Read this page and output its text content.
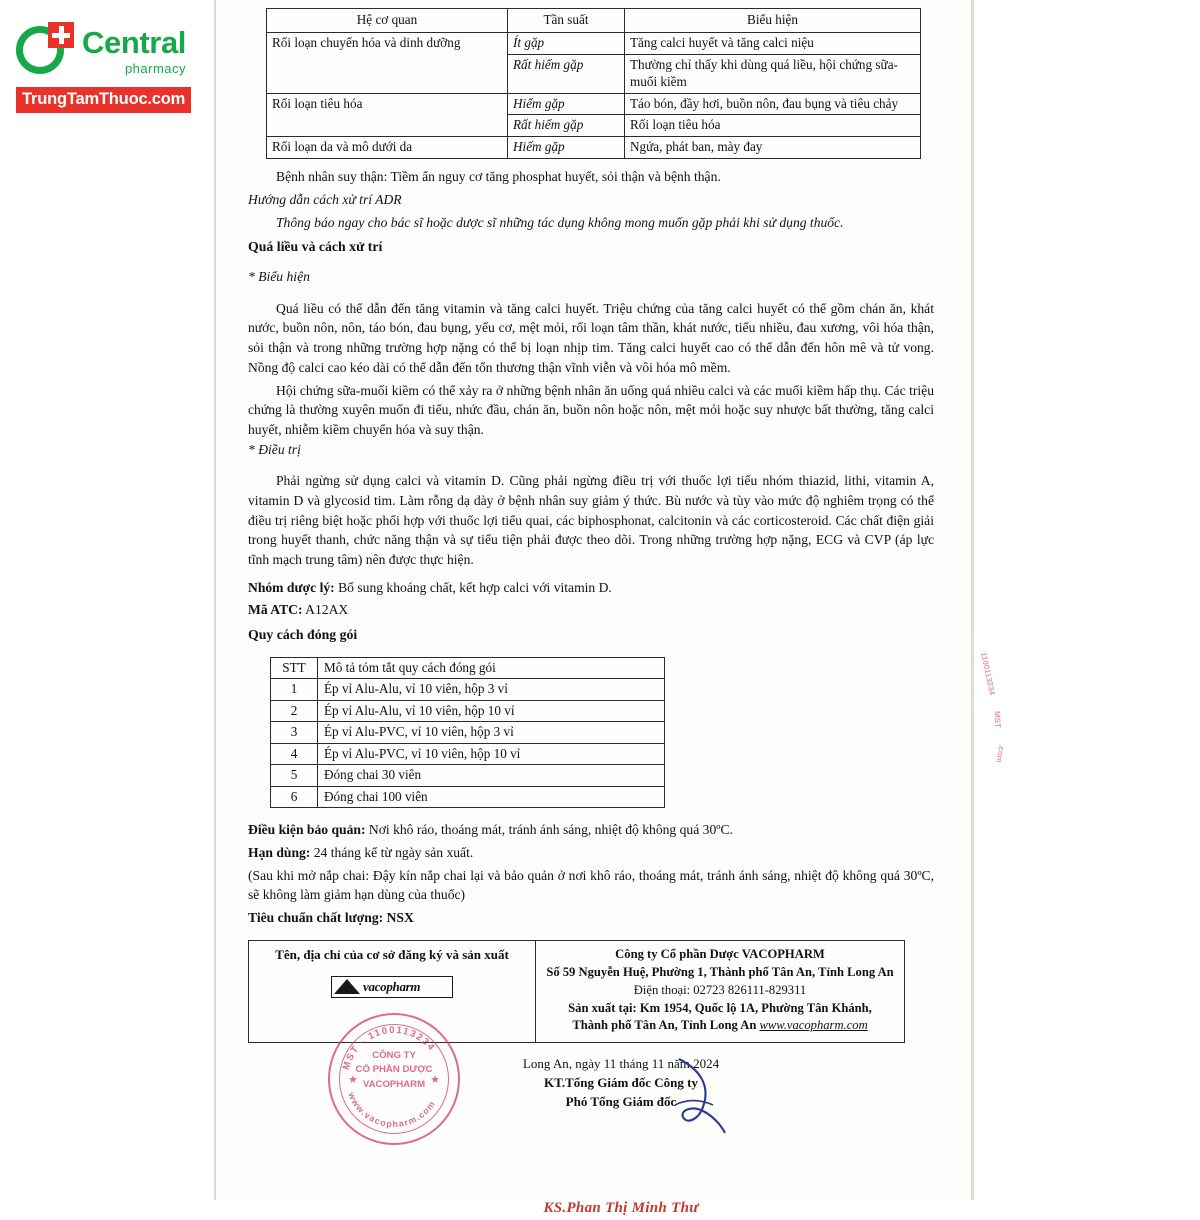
Central
pharmacy
TrungTamThuoc.com
Hệ cơ quan	Tần suất	Biểu hiện
Rối loạn chuyển hóa và dinh dưỡng	Ít gặp	Tăng calci huyết và tăng calci niệu
	Rất hiếm gặp	Thường chỉ thấy khi dùng quá liều, hội chứng sữa-muối kiềm
Rối loạn tiêu hóa	Hiếm gặp	Táo bón, đầy hơi, buồn nôn, đau bụng và tiêu chảy
	Rất hiếm gặp	Rối loạn tiêu hóa
Rối loạn da và mô dưới da	Hiếm gặp	Ngứa, phát ban, mày đay

Bệnh nhân suy thận: Tiềm ẩn nguy cơ tăng phosphat huyết, sỏi thận và bệnh thận.

Hướng dẫn cách xử trí ADR

Thông báo ngay cho bác sĩ hoặc dược sĩ những tác dụng không mong muốn gặp phải khi sử dụng thuốc.

Quá liều và cách xử trí

* Biểu hiện

Quá liều có thể dẫn đến tăng vitamin và tăng calci huyết. Triệu chứng của tăng calci huyết có thể gồm chán ăn, khát nước, buồn nôn, nôn, táo bón, đau bụng, yếu cơ, mệt mỏi, rối loạn tâm thần, khát nước, tiểu nhiều, đau xương, vôi hóa thận, sỏi thận và trong những trường hợp nặng có thể bị loạn nhịp tim. Tăng calci huyết cao có thể dẫn đến hôn mê và tử vong. Nồng độ calci cao kéo dài có thể dẫn đến tổn thương thận vĩnh viễn và vôi hóa mô mềm.

Hội chứng sữa-muối kiềm có thể xảy ra ở những bệnh nhân ăn uống quá nhiều calci và các muối kiềm hấp thụ. Các triệu chứng là thường xuyên muốn đi tiểu, nhức đầu, chán ăn, buồn nôn hoặc nôn, mệt mỏi hoặc suy nhược bất thường, tăng calci huyết, nhiễm kiềm chuyển hóa và suy thận.

* Điều trị

Phải ngừng sử dụng calci và vitamin D. Cũng phải ngừng điều trị với thuốc lợi tiểu nhóm thiazid, lithi, vitamin A, vitamin D và glycosid tim. Làm rỗng dạ dày ở bệnh nhân suy giảm ý thức. Bù nước và tùy vào mức độ nghiêm trọng có thể điều trị riêng biệt hoặc phối hợp với thuốc lợi tiểu quai, các biphosphonat, calcitonin và các corticosteroid. Các chất điện giải trong huyết thanh, chức năng thận và sự tiểu tiện phải được theo dõi. Trong những trường hợp nặng, ECG và CVP (áp lực tĩnh mạch trung tâm) nên được thực hiện.

Nhóm dược lý: Bổ sung khoáng chất, kết hợp calci với vitamin D.

Mã ATC: A12AX

Quy cách đóng gói

STT	Mô tả tóm tắt quy cách đóng gói
1	Ép vỉ Alu-Alu, vỉ 10 viên, hộp 3 vỉ
2	Ép vỉ Alu-Alu, vỉ 10 viên, hộp 10 vỉ
3	Ép vỉ Alu-PVC, vỉ 10 viên, hộp 3 vỉ
4	Ép vỉ Alu-PVC, vỉ 10 viên, hộp 10 vỉ
5	Đóng chai 30 viên
6	Đóng chai 100 viên

Điều kiện bảo quản: Nơi khô ráo, thoáng mát, tránh ánh sáng, nhiệt độ không quá 30ºC.

Hạn dùng: 24 tháng kể từ ngày sản xuất.

(Sau khi mở nắp chai: Đậy kín nắp chai lại và bảo quản ở nơi khô ráo, thoáng mát, tránh ánh sáng, nhiệt độ không quá 30ºC, sẽ không làm giảm hạn dùng của thuốc)

Tiêu chuẩn chất lượng: NSX

Tên, địa chỉ của cơ sở đăng ký và sản xuất
vacopharm
Công ty Cổ phần Dược VACOPHARM
Số 59 Nguyễn Huệ, Phường 1, Thành phố Tân An, Tỉnh Long An
Điện thoại: 02723 826111-829311
Sản xuất tại: Km 1954, Quốc lộ 1A, Phường Tân Khánh,
Thành phố Tân An, Tỉnh Long An www.vacopharm.com
Long An, ngày 11 tháng 11 năm 2024
KT.Tổng Giám đốc Công ty
Phó Tổng Giám đốc
KS.Phan Thị Minh Thư
★	★
CÔNG TY
CỔ PHẦN DƯỢC
VACOPHARM
MST - 1100113234
www.vacopharm.com
1100113234
MST
.com
